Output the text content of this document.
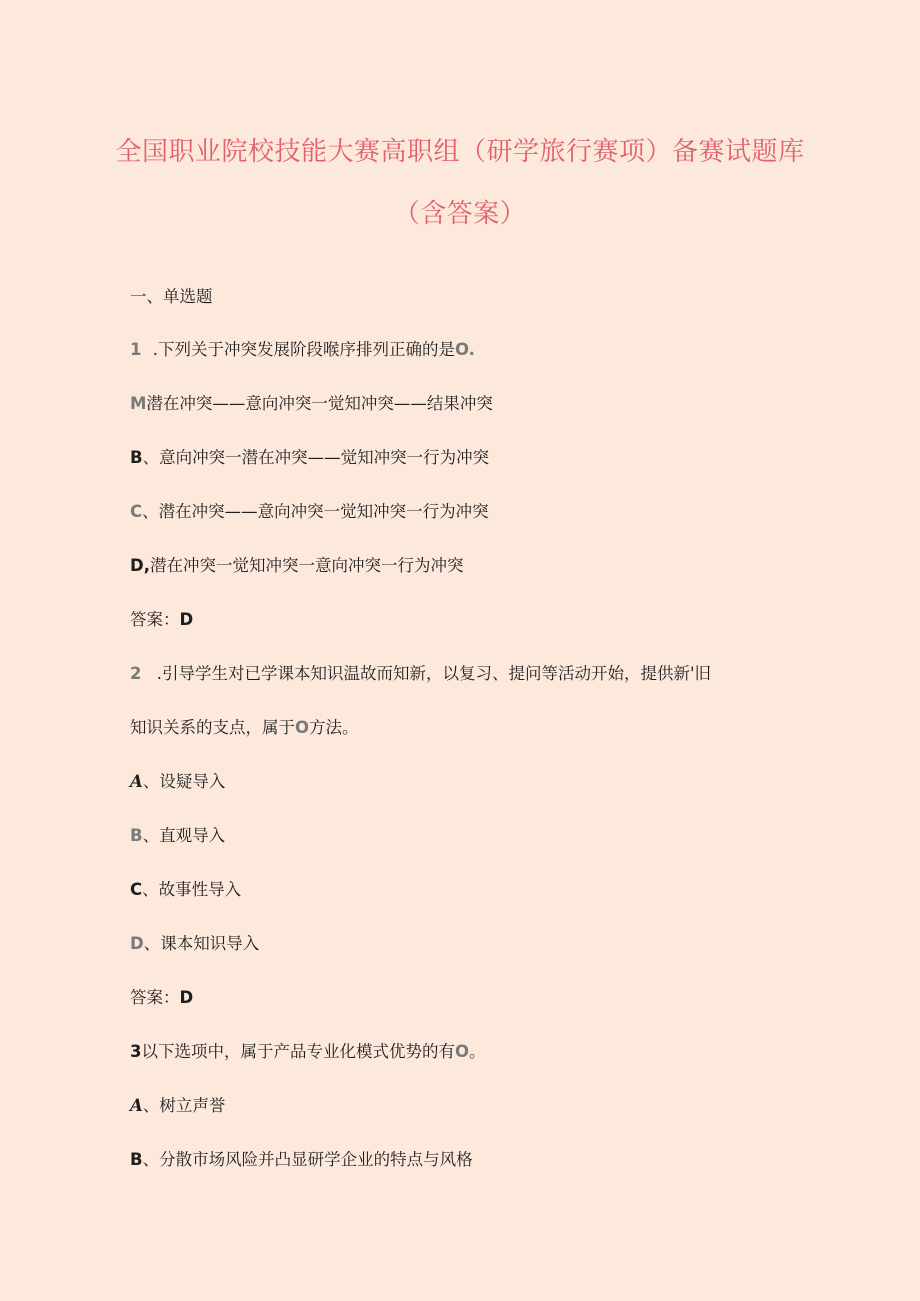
全国职业院校技能大赛高职组（研学旅行赛项）备赛试题库
（含答案）
一、单选题
1 .下列关于冲突发展阶段喉序排列正确的是O.
M潜在冲突——意向冲突一觉知冲突——结果冲突
B、意向冲突一潜在冲突——觉知冲突一行为冲突
C、潜在冲突——意向冲突一觉知冲突一行为冲突
D,潜在冲突一觉知冲突一意向冲突一行为冲突
答案：D
2 .引导学生对已学课本知识温故而知新，以复习、提问等活动开始，提供新'旧
知识关系的支点，属于O方法。
A、设疑导入
B、直观导入
C、故事性导入
D、课本知识导入
答案：D
3以下选项中，属于产品专业化模式优势的有O。
A、树立声誉
B、分散市场风险并凸显研学企业的特点与风格
